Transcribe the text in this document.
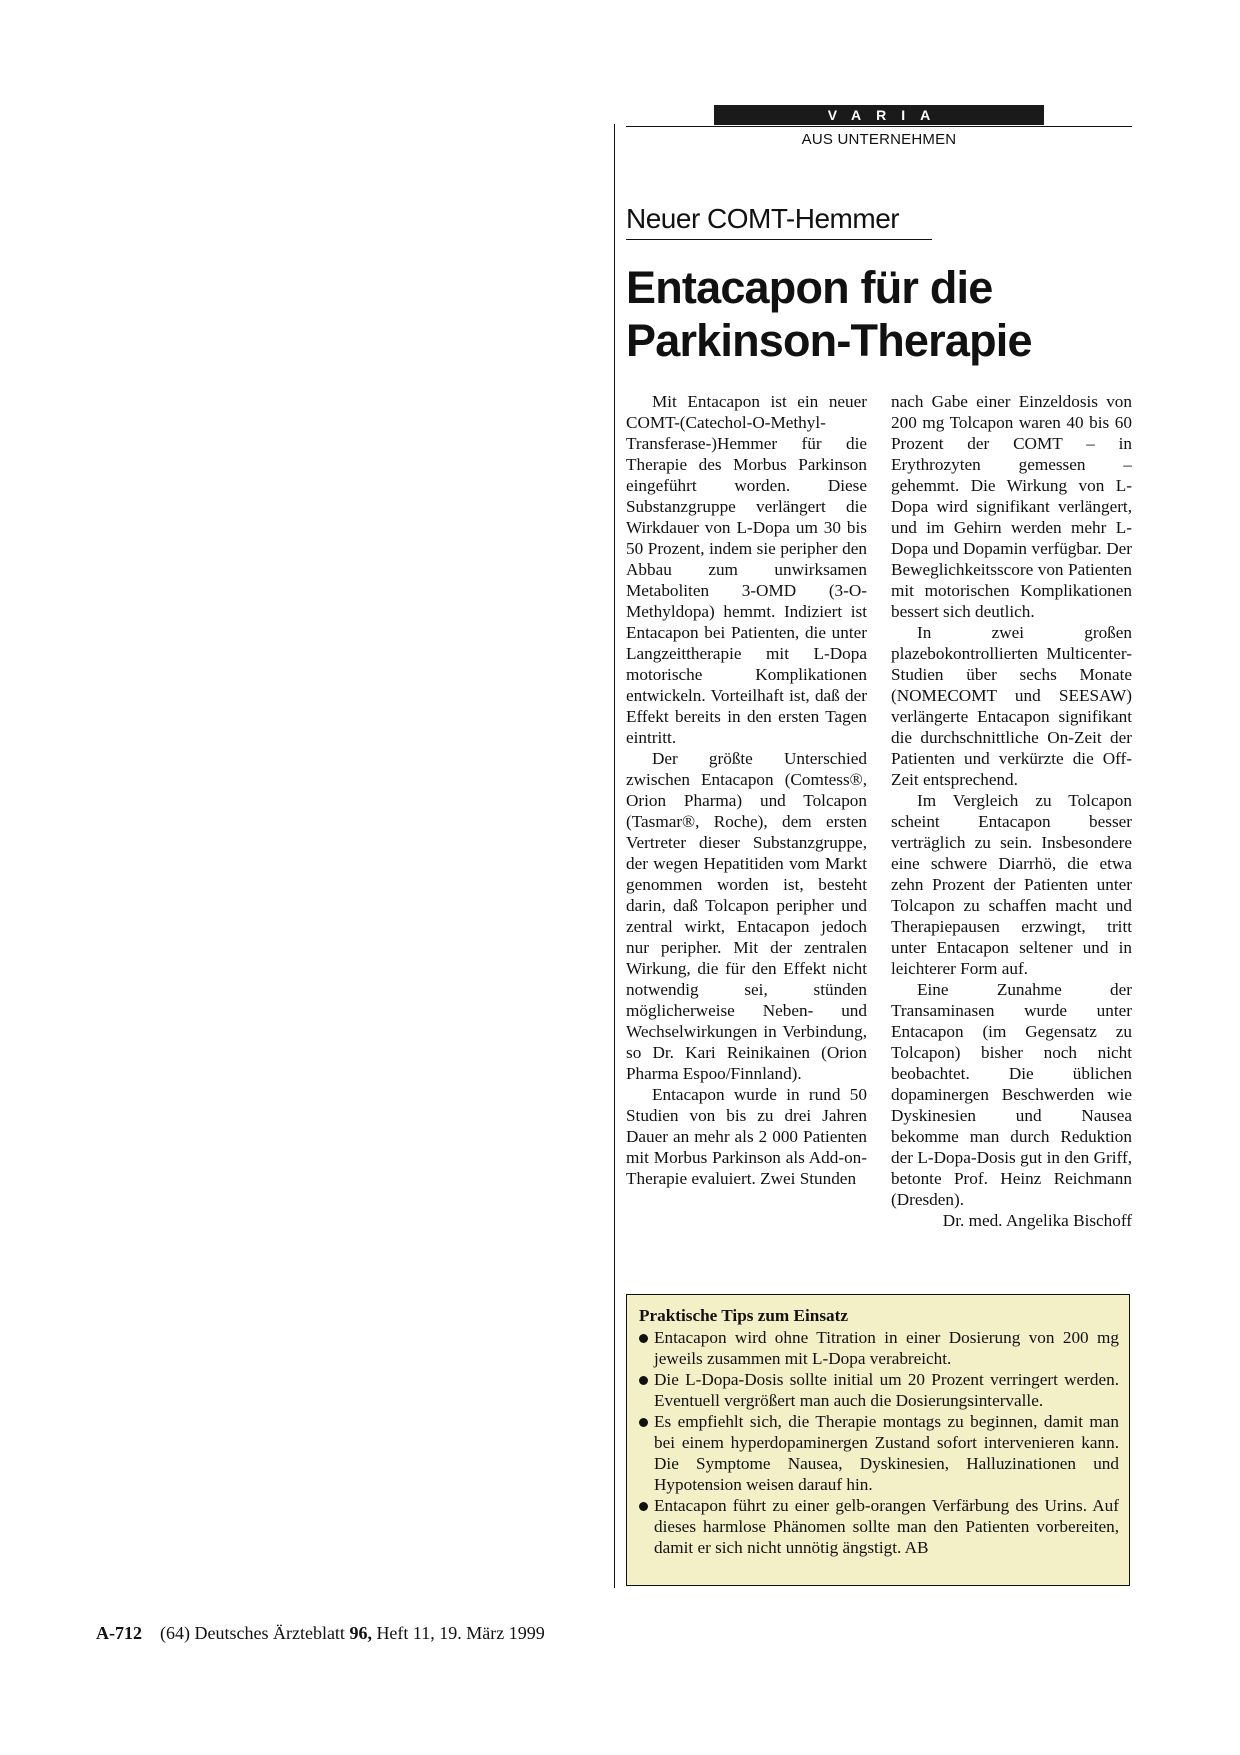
VARIA
AUS UNTERNEHMEN
Neuer COMT-Hemmer
Entacapon für die
Parkinson-Therapie

Mit Entacapon ist ein neuer COMT-(Catechol-O-Methyl-Transferase-)Hemmer für die Therapie des Morbus Parkinson eingeführt worden. Diese Substanzgruppe verlängert die Wirkdauer von L-Dopa um 30 bis 50 Prozent, indem sie peripher den Abbau zum unwirksamen Metaboliten 3-OMD (3-O-Methyldopa) hemmt. Indiziert ist Entacapon bei Patienten, die unter Langzeittherapie mit L-Dopa motorische Komplikationen entwickeln. Vorteilhaft ist, daß der Effekt bereits in den ersten Tagen eintritt.

Der größte Unterschied zwischen Entacapon (Comtess®, Orion Pharma) und Tolcapon (Tasmar®, Roche), dem ersten Vertreter dieser Substanzgruppe, der wegen Hepatitiden vom Markt genommen worden ist, besteht darin, daß Tolcapon peripher und zentral wirkt, Entacapon jedoch nur peripher. Mit der zentralen Wirkung, die für den Effekt nicht notwendig sei, stünden möglicherweise Neben- und Wechselwirkungen in Verbindung, so Dr. Kari Reinikainen (Orion Pharma Espoo/Finnland).

Entacapon wurde in rund 50 Studien von bis zu drei Jahren Dauer an mehr als 2 000 Patienten mit Morbus Parkinson als Add-on-Therapie evaluiert. Zwei Stunden

nach Gabe einer Einzeldosis von 200 mg Tolcapon waren 40 bis 60 Prozent der COMT – in Erythrozyten gemessen – gehemmt. Die Wirkung von L-Dopa wird signifikant verlängert, und im Gehirn werden mehr L-Dopa und Dopamin verfügbar. Der Beweglichkeitsscore von Patienten mit motorischen Komplikationen bessert sich deutlich.

In zwei großen plazebokontrollierten Multicenter-Studien über sechs Monate (NOMECOMT und SEESAW) verlängerte Entacapon signifikant die durchschnittliche On-Zeit der Patienten und verkürzte die Off-Zeit entsprechend.

Im Vergleich zu Tolcapon scheint Entacapon besser verträglich zu sein. Insbesondere eine schwere Diarrhö, die etwa zehn Prozent der Patienten unter Tolcapon zu schaffen macht und Therapiepausen erzwingt, tritt unter Entacapon seltener und in leichterer Form auf.

Eine Zunahme der Transaminasen wurde unter Entacapon (im Gegensatz zu Tolcapon) bisher noch nicht beobachtet. Die üblichen dopaminergen Beschwerden wie Dyskinesien und Nausea bekomme man durch Reduktion der L-Dopa-Dosis gut in den Griff, betonte Prof. Heinz Reichmann (Dresden).

Dr. med. Angelika Bischoff

Praktische Tips zum Einsatz
Entacapon wird ohne Titration in einer Dosierung von 200 mg jeweils zusammen mit L-Dopa verabreicht.
Die L-Dopa-Dosis sollte initial um 20 Prozent verringert werden. Eventuell vergrößert man auch die Dosierungsintervalle.
Es empfiehlt sich, die Therapie montags zu beginnen, damit man bei einem hyperdopaminergen Zustand sofort intervenieren kann. Die Symptome Nausea, Dyskinesien, Halluzinationen und Hypotension weisen darauf hin.
Entacapon führt zu einer gelb-orangen Verfärbung des Urins. Auf dieses harmlose Phänomen sollte man den Patienten vorbereiten, damit er sich nicht unnötig ängstigt. AB
A-712 (64) Deutsches Ärzteblatt 96, Heft 11, 19. März 1999
